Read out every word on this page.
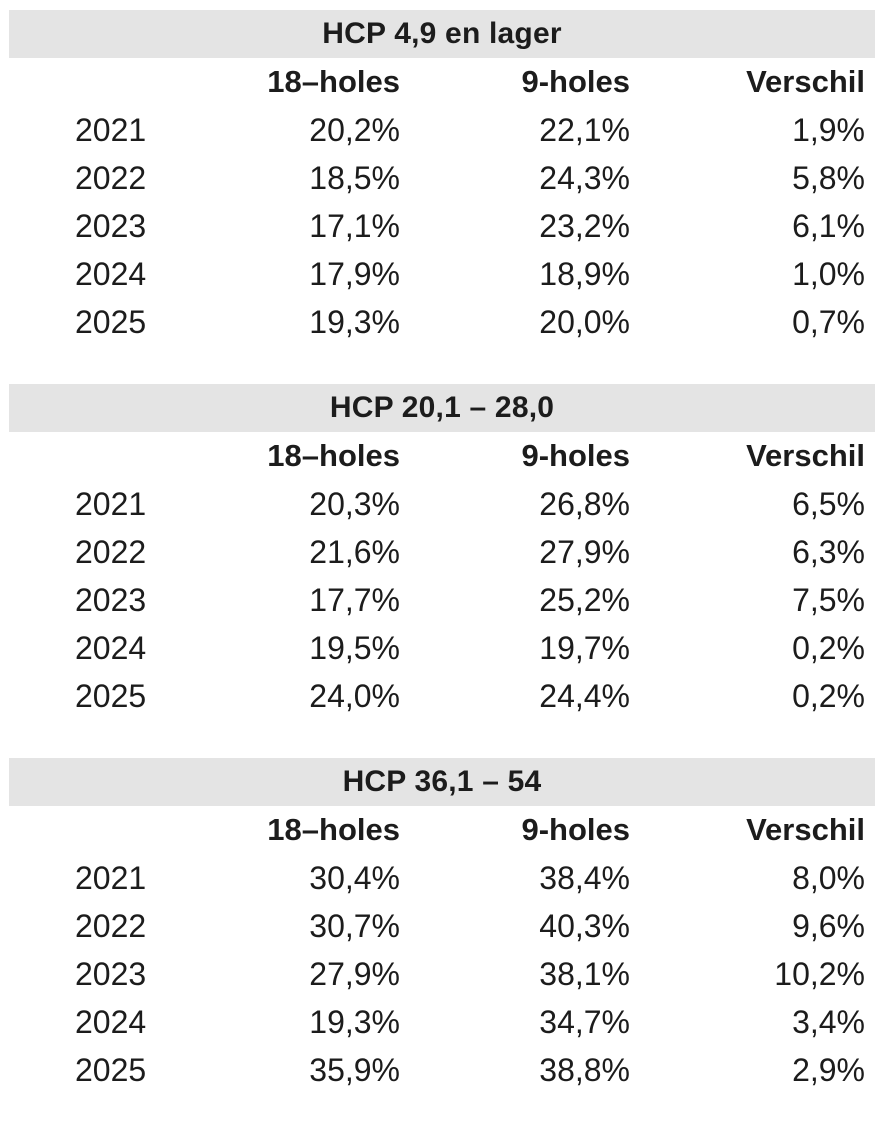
HCP 4,9 en lager
18–holes	9-holes	Verschil
2021	20,2%	22,1%	1,9%
2022	18,5%	24,3%	5,8%
2023	17,1%	23,2%	6,1%
2024	17,9%	18,9%	1,0%
2025	19,3%	20,0%	0,7%
HCP 20,1 – 28,0
18–holes	9-holes	Verschil
2021	20,3%	26,8%	6,5%
2022	21,6%	27,9%	6,3%
2023	17,7%	25,2%	7,5%
2024	19,5%	19,7%	0,2%
2025	24,0%	24,4%	0,2%
HCP 36,1 – 54
18–holes	9-holes	Verschil
2021	30,4%	38,4%	8,0%
2022	30,7%	40,3%	9,6%
2023	27,9%	38,1%	10,2%
2024	19,3%	34,7%	3,4%
2025	35,9%	38,8%	2,9%
